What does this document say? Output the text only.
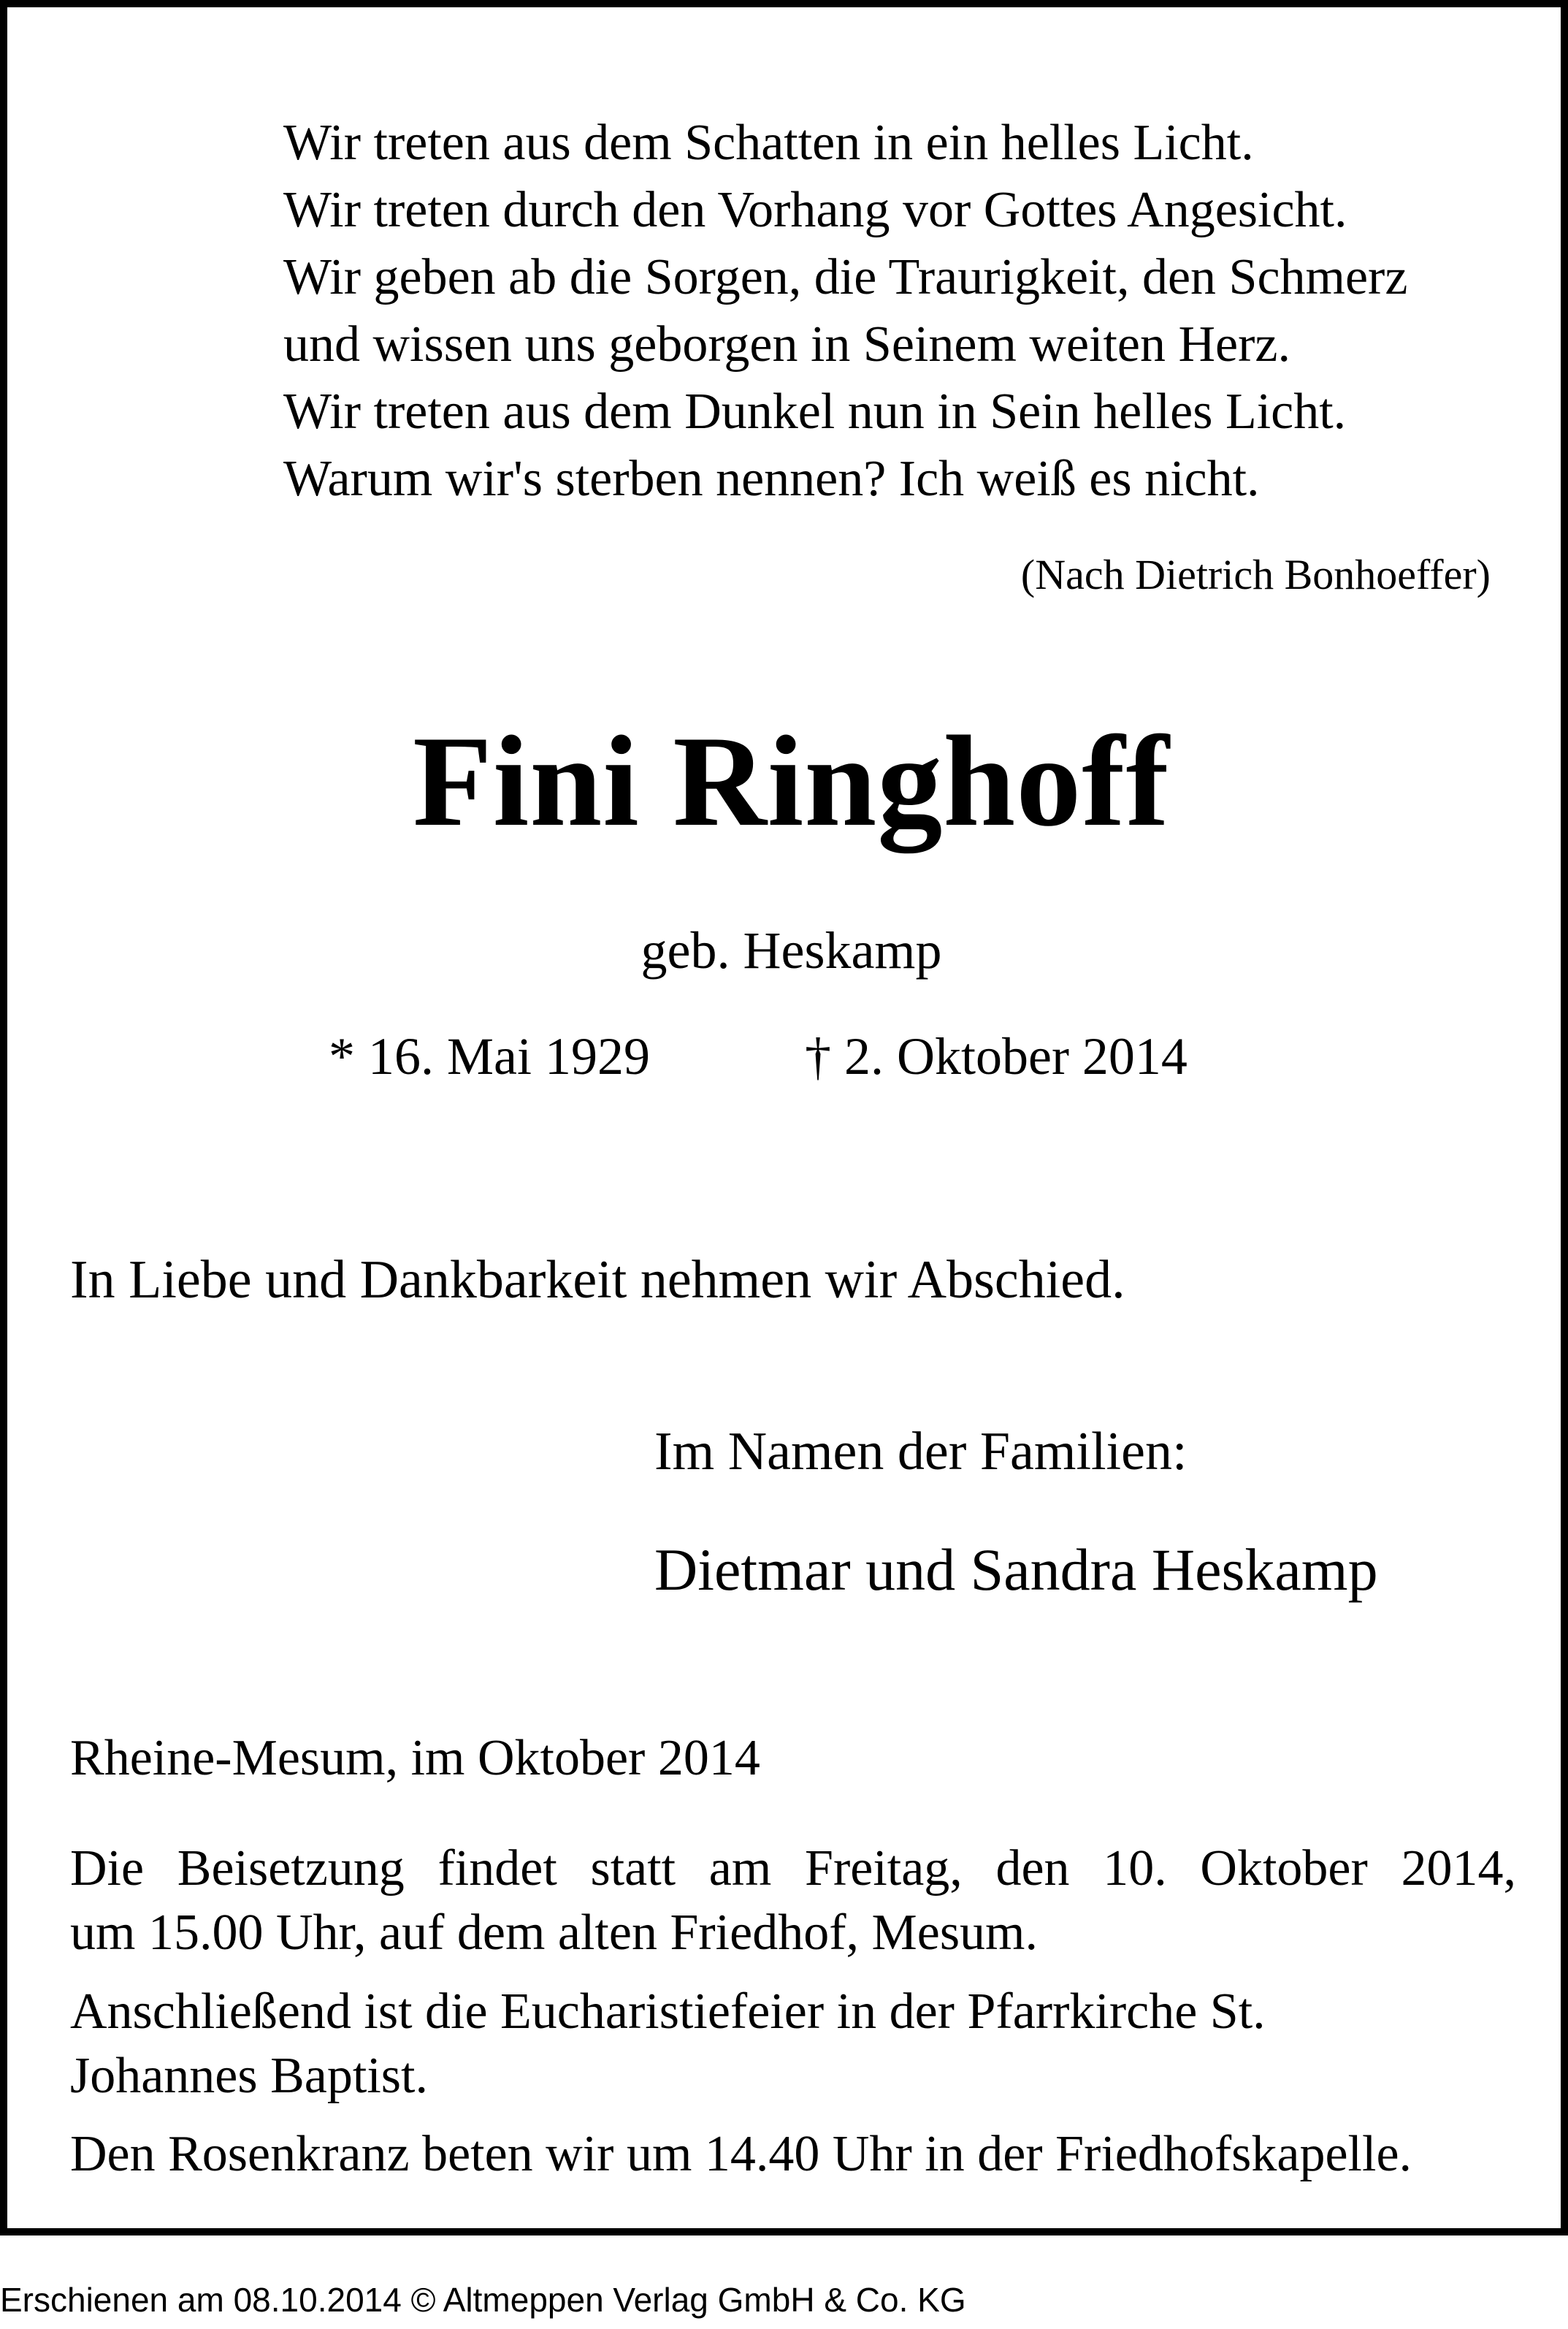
Wir treten aus dem Schatten in ein helles Licht.
Wir treten durch den Vorhang vor Gottes Angesicht.
Wir geben ab die Sorgen, die Traurigkeit, den Schmerz
und wissen uns geborgen in Seinem weiten Herz.
Wir treten aus dem Dunkel nun in Sein helles Licht.
Warum wir's sterben nennen? Ich weiß es nicht.
(Nach Dietrich Bonhoeffer)
Fini Ringhoff
geb. Heskamp
* 16. Mai 1929	† 2. Oktober 2014
In Liebe und Dankbarkeit nehmen wir Abschied.
Im Namen der Familien:
Dietmar und Sandra Heskamp
Rheine-Mesum, im Oktober 2014
Die Beisetzung findet statt am Freitag, den 10. Oktober 2014,
um 15.00 Uhr, auf dem alten Friedhof, Mesum.
Anschließend ist die Eucharistiefeier in der Pfarrkirche St.
Johannes Baptist.
Den Rosenkranz beten wir um 14.40 Uhr in der Friedhofskapelle.
Erschienen am 08.10.2014 © Altmeppen Verlag GmbH & Co. KG
